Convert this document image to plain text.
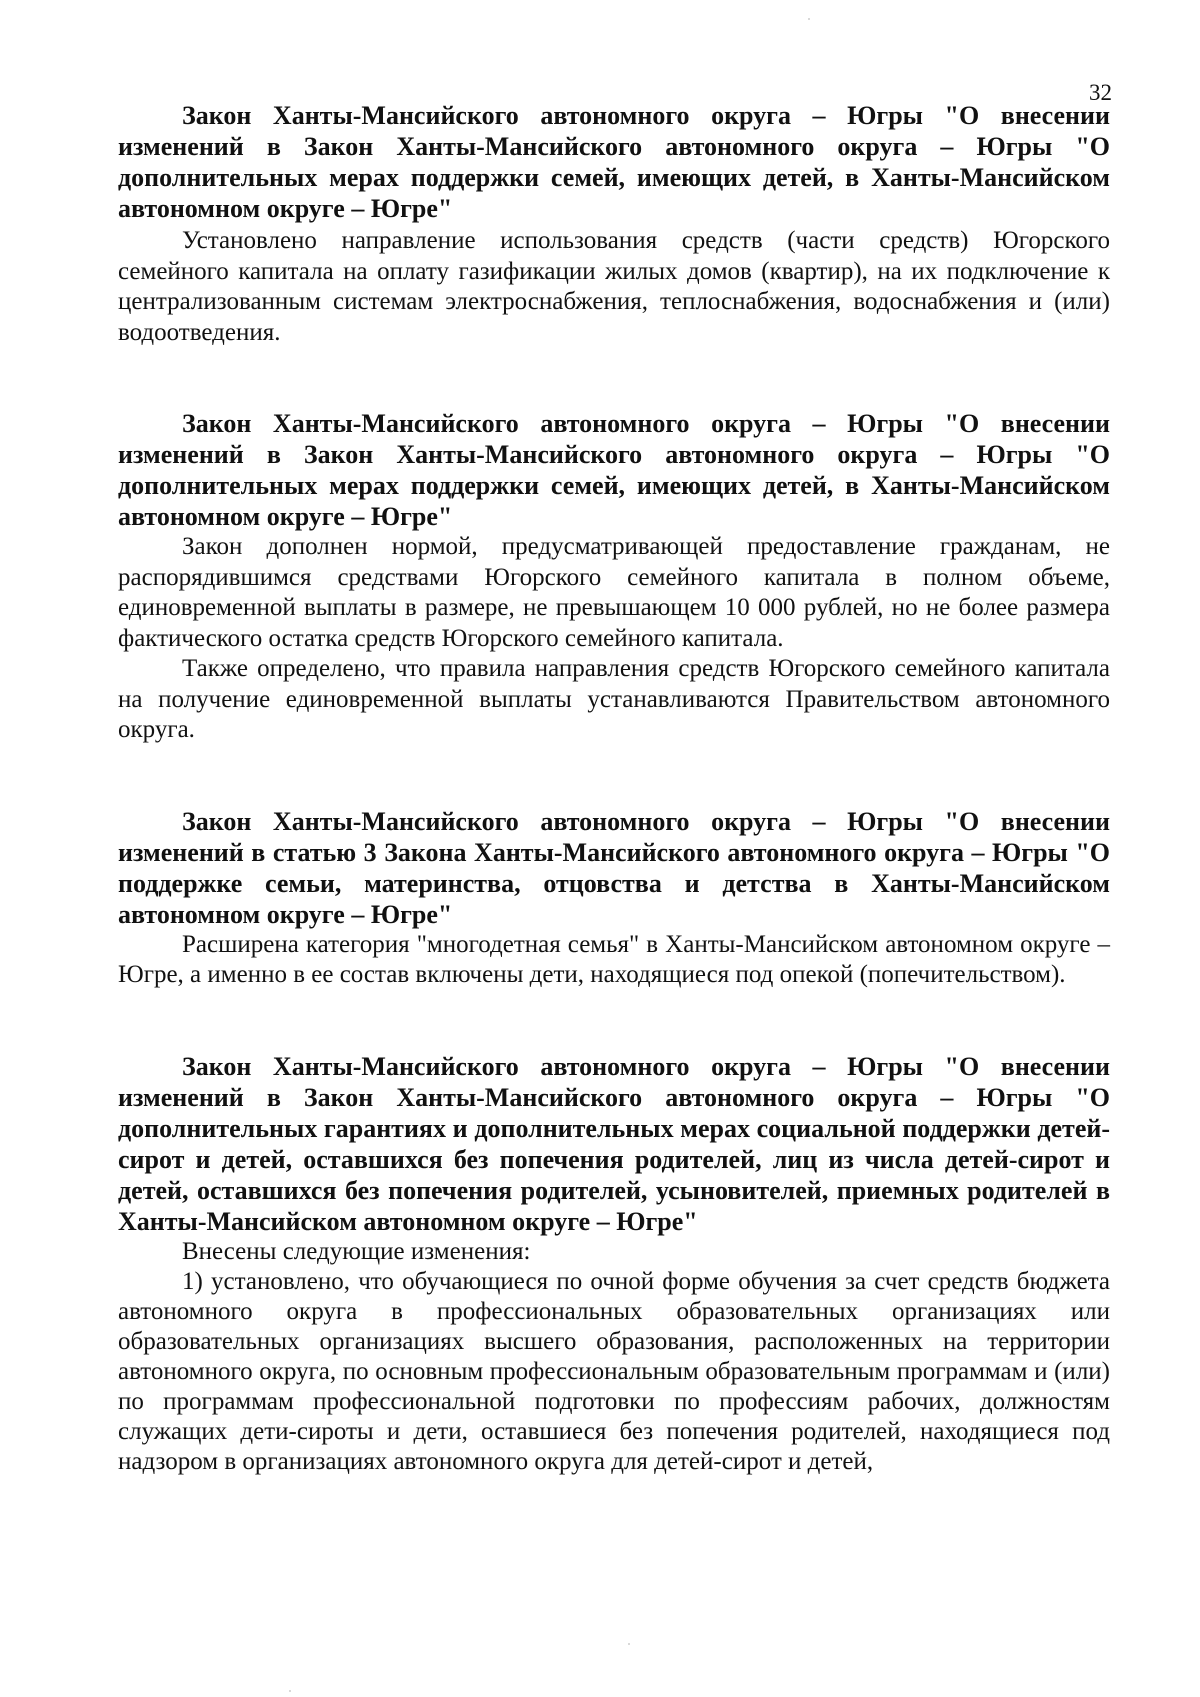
32

Закон Ханты-Мансийского автономного округа – Югры "О внесении изменений в Закон Ханты-Мансийского автономного округа – Югры "О дополнительных мерах поддержки семей, имеющих детей, в Ханты-Мансийском автономном округе – Югре"

Установлено направление использования средств (части средств) Югорского семейного капитала на оплату газификации жилых домов (квартир), на их подключение к централизованным системам электроснабжения, теплоснабжения, водоснабжения и (или) водоотведения.

Закон Ханты-Мансийского автономного округа – Югры "О внесении изменений в Закон Ханты-Мансийского автономного округа – Югры "О дополнительных мерах поддержки семей, имеющих детей, в Ханты-Мансийском автономном округе – Югре"

Закон дополнен нормой, предусматривающей предоставление гражданам, не распорядившимся средствами Югорского семейного капитала в полном объеме, единовременной выплаты в размере, не превышающем 10 000 рублей, но не более размера фактического остатка средств Югорского семейного капитала.

Также определено, что правила направления средств Югорского семейного капитала на получение единовременной выплаты устанавливаются Правительством автономного округа.

Закон Ханты-Мансийского автономного округа – Югры "О внесении изменений в статью 3 Закона Ханты-Мансийского автономного округа – Югры "О поддержке семьи, материнства, отцовства и детства в Ханты-Мансийском автономном округе – Югре"

Расширена категория "многодетная семья" в Ханты-Мансийском автономном округе – Югре, а именно в ее состав включены дети, находящиеся под опекой (попечительством).

Закон Ханты-Мансийского автономного округа – Югры "О внесении изменений в Закон Ханты-Мансийского автономного округа – Югры "О дополнительных гарантиях и дополнительных мерах социальной поддержки детей-сирот и детей, оставшихся без попечения родителей, лиц из числа детей-сирот и детей, оставшихся без попечения родителей, усыновителей, приемных родителей в Ханты-Мансийском автономном округе – Югре"

Внесены следующие изменения:

1) установлено, что обучающиеся по очной форме обучения за счет средств бюджета автономного округа в профессиональных образовательных организациях или образовательных организациях высшего образования, расположенных на территории автономного округа, по основным профессиональным образовательным программам и (или) по программам профессиональной подготовки по профессиям рабочих, должностям служащих дети-сироты и дети, оставшиеся без попечения родителей, находящиеся под надзором в организациях автономного округа для детей-сирот и детей,
